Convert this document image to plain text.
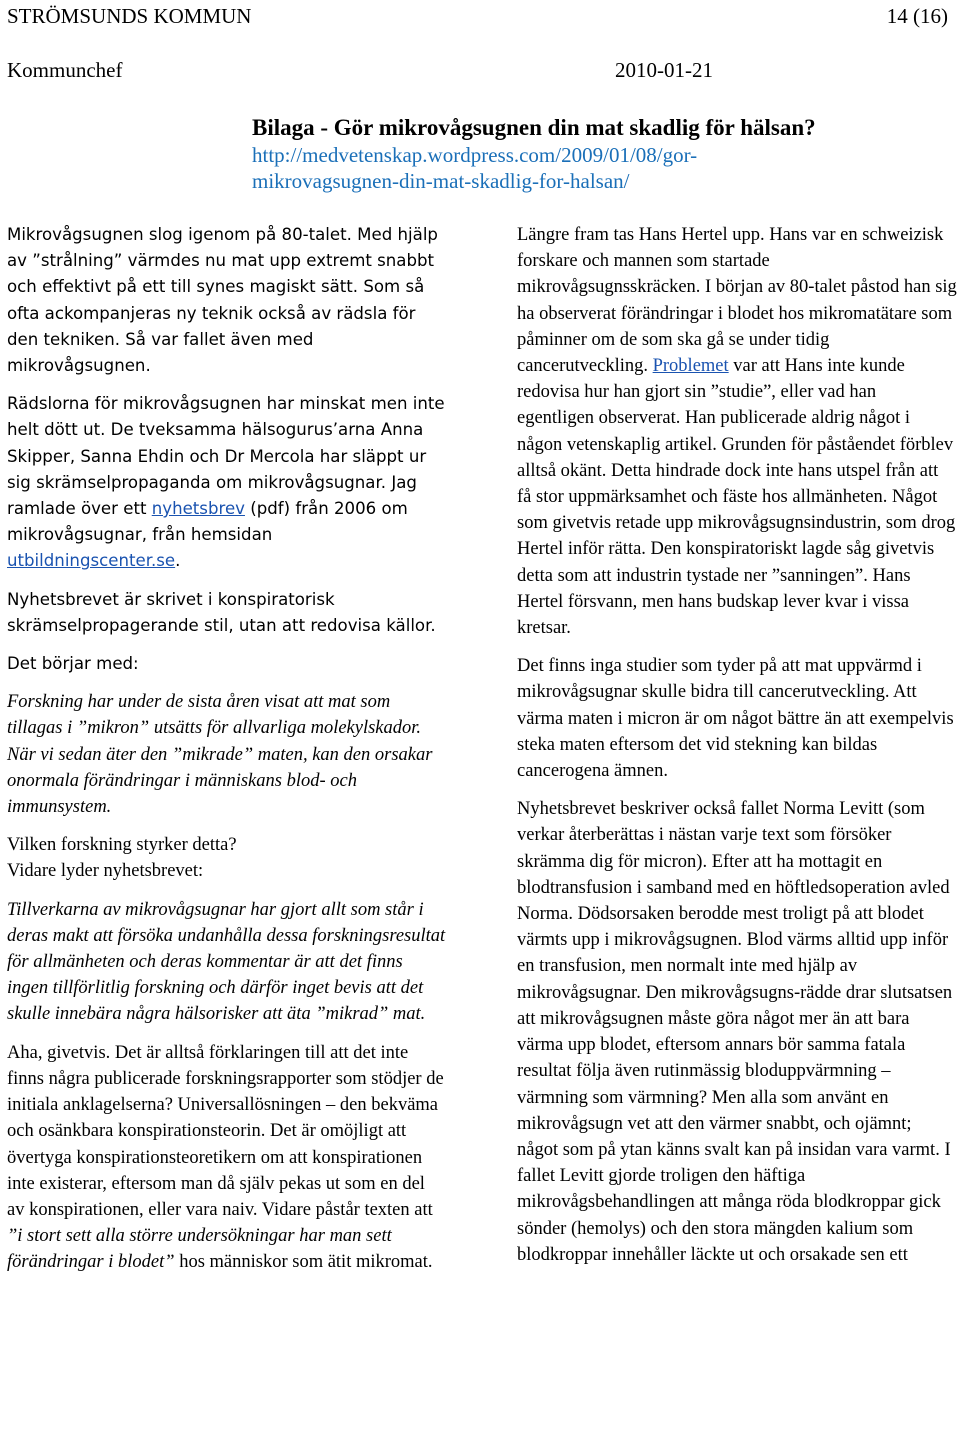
STRÖMSUNDS KOMMUN	14 (16)
Kommunchef	2010-01-21
Bilaga - Gör mikrovågsugnen din mat skadlig för hälsan?
http://medvetenskap.wordpress.com/2009/01/08/gor-
mikrovagsugnen-din-mat-skadlig-for-halsan/

Mikrovågsugnen slog igenom på 80-talet. Med hjälp av ”strålning” värmdes nu mat upp extremt snabbt och effektivt på ett till synes magiskt sätt. Som så ofta ackompanjeras ny teknik också av rädsla för den tekniken. Så var fallet även med mikrovågsugnen.

Rädslorna för mikrovågsugnen har minskat men inte helt dött ut. De tveksamma hälsogurus’arna Anna Skipper, Sanna Ehdin och Dr Mercola har släppt ur sig skrämselpropaganda om mikrovågsugnar. Jag ramlade över ett nyhetsbrev (pdf) från 2006 om mikrovågsugnar, från hemsidan utbildningscenter.se.

Nyhetsbrevet är skrivet i konspiratorisk skrämselpropagerande stil, utan att redovisa källor.

Det börjar med:

Forskning har under de sista åren visat att mat som tillagas i ”mikron” utsätts för allvarliga molekylskador. När vi sedan äter den ”mikrade” maten, kan den orsakar onormala förändringar i människans blod- och immunsystem.

Vilken forskning styrker detta?

Vidare lyder nyhetsbrevet:

Tillverkarna av mikrovågsugnar har gjort allt som står i deras makt att försöka undanhålla dessa forskningsresultat för allmänheten och deras kommentar är att det finns ingen tillförlitlig forskning och därför inget bevis att det skulle innebära några hälsorisker att äta ”mikrad” mat.

Aha, givetvis. Det är alltså förklaringen till att det inte finns några publicerade forskningsrapporter som stödjer de initiala anklagelserna? Universallösningen – den bekväma och osänkbara konspirationsteorin. Det är omöjligt att övertyga konspirationsteoretikern om att konspirationen inte existerar, eftersom man då själv pekas ut som en del av konspirationen, eller vara naiv. Vidare påstår texten att ”i stort sett alla större undersökningar har man sett förändringar i blodet” hos människor som ätit mikromat.

Längre fram tas Hans Hertel upp. Hans var en schweizisk forskare och mannen som startade mikrovågsugnsskräcken. I början av 80-talet påstod han sig ha observerat förändringar i blodet hos mikromatätare som påminner om de som ska gå se under tidig cancerutveckling. Problemet var att Hans inte kunde redovisa hur han gjort sin ”studie”, eller vad han egentligen observerat. Han publicerade aldrig något i någon vetenskaplig artikel. Grunden för påståendet förblev alltså okänt. Detta hindrade dock inte hans utspel från att få stor uppmärksamhet och fäste hos allmänheten. Något som givetvis retade upp mikrovågsugnsindustrin, som drog Hertel inför rätta. Den konspiratoriskt lagde såg givetvis detta som att industrin tystade ner ”sanningen”. Hans Hertel försvann, men hans budskap lever kvar i vissa kretsar.

Det finns inga studier som tyder på att mat uppvärmd i mikrovågsugnar skulle bidra till cancerutveckling. Att värma maten i micron är om något bättre än att exempelvis steka maten eftersom det vid stekning kan bildas cancerogena ämnen.

Nyhetsbrevet beskriver också fallet Norma Levitt (som verkar återberättas i nästan varje text som försöker skrämma dig för micron). Efter att ha mottagit en blodtransfusion i samband med en höftledsoperation avled Norma. Dödsorsaken berodde mest troligt på att blodet värmts upp i mikrovågsugnen. Blod värms alltid upp inför en transfusion, men normalt inte med hjälp av mikrovågsugnar. Den mikrovågsugns-rädde drar slutsatsen att mikrovågsugnen måste göra något mer än att bara värma upp blodet, eftersom annars bör samma fatala resultat följa även rutinmässig bloduppvärmning – värmning som värmning? Men alla som använt en mikrovågsugn vet att den värmer snabbt, och ojämnt; något som på ytan känns svalt kan på insidan vara varmt. I fallet Levitt gjorde troligen den häftiga mikrovågsbehandlingen att många röda blodkroppar gick sönder (hemolys) och den stora mängden kalium som blodkroppar innehåller läckte ut och orsakade sen ett
